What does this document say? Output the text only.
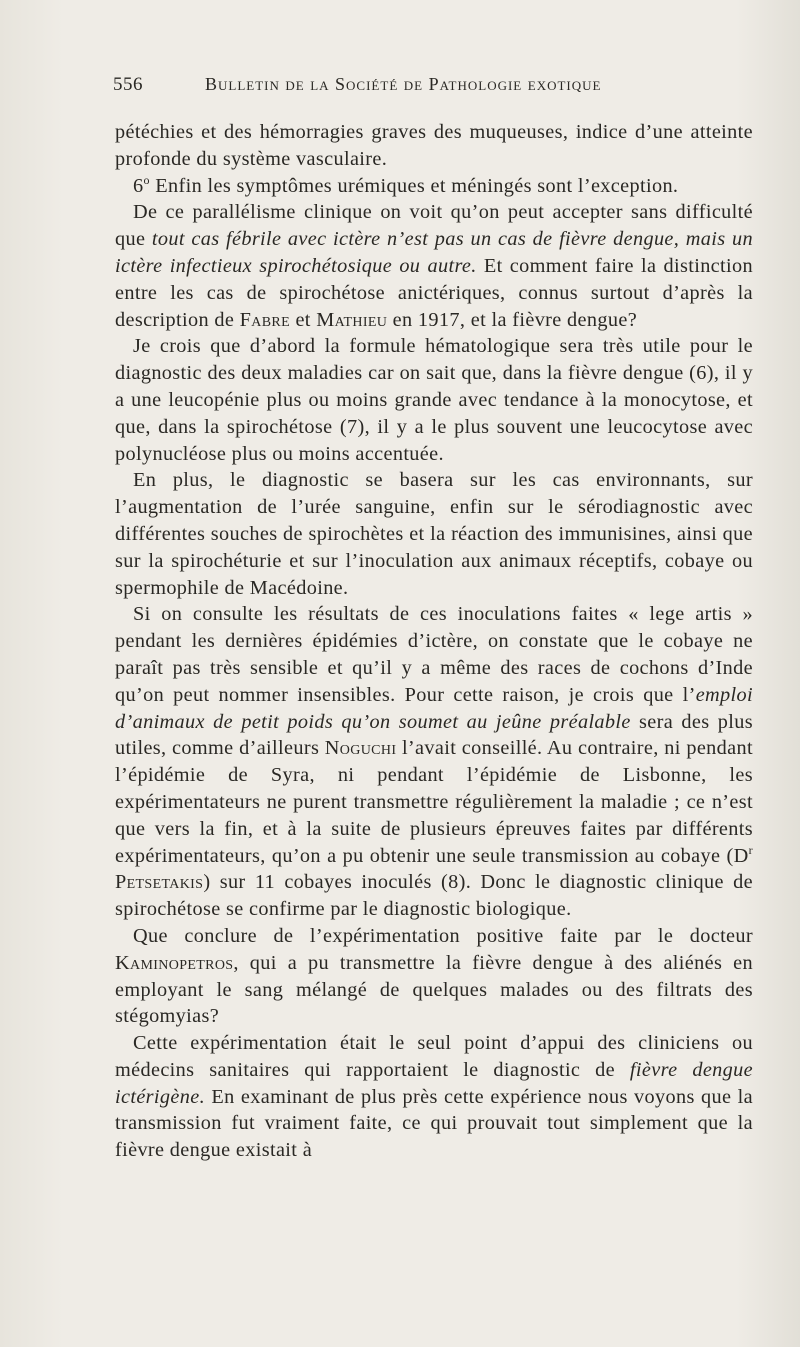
556	Bulletin de la Société de Pathologie exotique

pétéchies et des hémorragies graves des muqueuses, indice d’une atteinte profonde du système vasculaire.

6$^o$ Enfin les symptômes urémiques et méningés sont l’exception.

De ce parallélisme clinique on voit qu’on peut accepter sans difficulté que tout cas fébrile avec ictère n’est pas un cas de fièvre dengue, mais un ictère infectieux spirochétosique ou autre. Et comment faire la distinction entre les cas de spirochétose anictériques, connus surtout d’après la description de Fabre et Mathieu en 1917, et la fièvre dengue?

Je crois que d’abord la formule hématologique sera très utile pour le diagnostic des deux maladies car on sait que, dans la fièvre dengue (6), il y a une leucopénie plus ou moins grande avec tendance à la monocytose, et que, dans la spirochétose (7), il y a le plus souvent une leucocytose avec polynucléose plus ou moins accentuée.

En plus, le diagnostic se basera sur les cas environnants, sur l’augmentation de l’urée sanguine, enfin sur le sérodiagnostic avec différentes souches de spirochètes et la réaction des immunisines, ainsi que sur la spirochéturie et sur l’inoculation aux animaux réceptifs, cobaye ou spermophile de Macédoine.

Si on consulte les résultats de ces inoculations faites « lege artis » pendant les dernières épidémies d’ictère, on constate que le cobaye ne paraît pas très sensible et qu’il y a même des races de cochons d’Inde qu’on peut nommer insensibles. Pour cette raison, je crois que l’emploi d’animaux de petit poids qu’on soumet au jeûne préalable sera des plus utiles, comme d’ailleurs Noguchi l’avait conseillé. Au contraire, ni pendant l’épidémie de Syra, ni pendant l’épidémie de Lisbonne, les expérimentateurs ne purent transmettre régulièrement la maladie ; ce n’est que vers la fin, et à la suite de plusieurs épreuves faites par différents expérimentateurs, qu’on a pu obtenir une seule transmission au cobaye ($D^r$ Petsetakis) sur 11 cobayes inoculés (8). Donc le diagnostic clinique de spirochétose se confirme par le diagnostic biologique.

Que conclure de l’expérimentation positive faite par le docteur Kaminopetros, qui a pu transmettre la fièvre dengue à des aliénés en employant le sang mélangé de quelques malades ou des filtrats des stégomyias?

Cette expérimentation était le seul point d’appui des cliniciens ou médecins sanitaires qui rapportaient le diagnostic de fièvre dengue ictérigène. En examinant de plus près cette expérience nous voyons que la transmission fut vraiment faite, ce qui prouvait tout simplement que la fièvre dengue existait à
